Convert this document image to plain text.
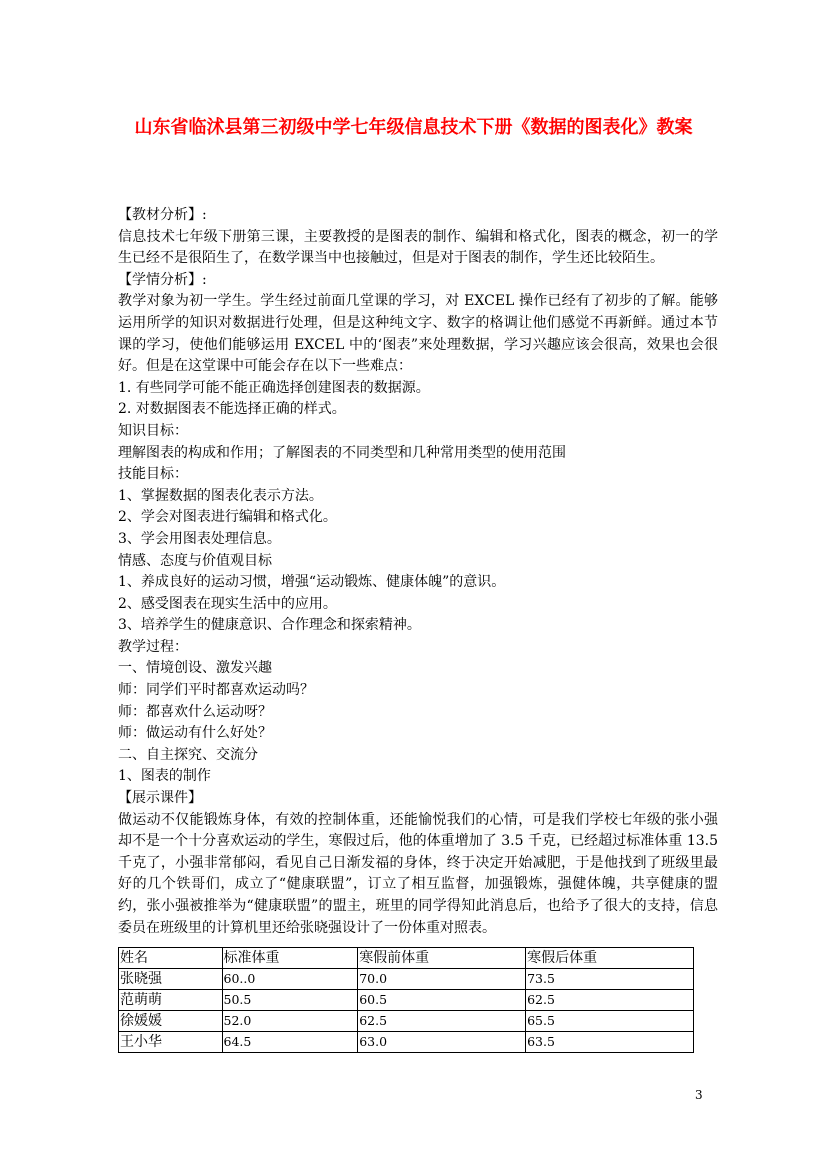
山东省临沭县第三初级中学七年级信息技术下册《数据的图表化》教案

【教材分析】:

信息技术七年级下册第三课，主要教授的是图表的制作、编辑和格式化，图表的概念，初一的学生已经不是很陌生了，在数学课当中也接触过，但是对于图表的制作，学生还比较陌生。

【学情分析】:

教学对象为初一学生。学生经过前面几堂课的学习，对 EXCEL 操作已经有了初步的了解。能够运用所学的知识对数据进行处理，但是这种纯文字、数字的格调让他们感觉不再新鲜。通过本节课的学习，使他们能够运用 EXCEL 中的‘图表”来处理数据，学习兴趣应该会很高，效果也会很好。但是在这堂课中可能会存在以下一些难点：

1. 有些同学可能不能正确选择创建图表的数据源。

2. 对数据图表不能选择正确的样式。

知识目标：

理解图表的构成和作用；了解图表的不同类型和几种常用类型的使用范围

技能目标：

1、掌握数据的图表化表示方法。

2、学会对图表进行编辑和格式化。

3、学会用图表处理信息。

情感、态度与价值观目标

1、养成良好的运动习惯，增强“运动锻炼、健康体魄”的意识。

2、感受图表在现实生活中的应用。

3、培养学生的健康意识、合作理念和探索精神。

教学过程：

一、情境创设、激发兴趣

师：同学们平时都喜欢运动吗？

师：都喜欢什么运动呀？

师：做运动有什么好处？

二、自主探究、交流分

1、图表的制作

【展示课件】

做运动不仅能锻炼身体，有效的控制体重，还能愉悦我们的心情，可是我们学校七年级的张小强却不是一个十分喜欢运动的学生，寒假过后，他的体重增加了 3.5 千克，已经超过标准体重 13.5 千克了，小强非常郁闷，看见自己日渐发福的身体，终于决定开始减肥，于是他找到了班级里最好的几个铁哥们，成立了“健康联盟”，订立了相互监督，加强锻炼，强健体魄，共享健康的盟约，张小强被推举为“健康联盟”的盟主，班里的同学得知此消息后，也给予了很大的支持，信息委员在班级里的计算机里还给张晓强设计了一份体重对照表。

姓名	标准体重	寒假前体重	寒假后体重
张晓强	60..0	70.0	73.5
范萌萌	50.5	60.5	62.5
徐媛媛	52.0	62.5	65.5
王小华	64.5	63.0	63.5
3
